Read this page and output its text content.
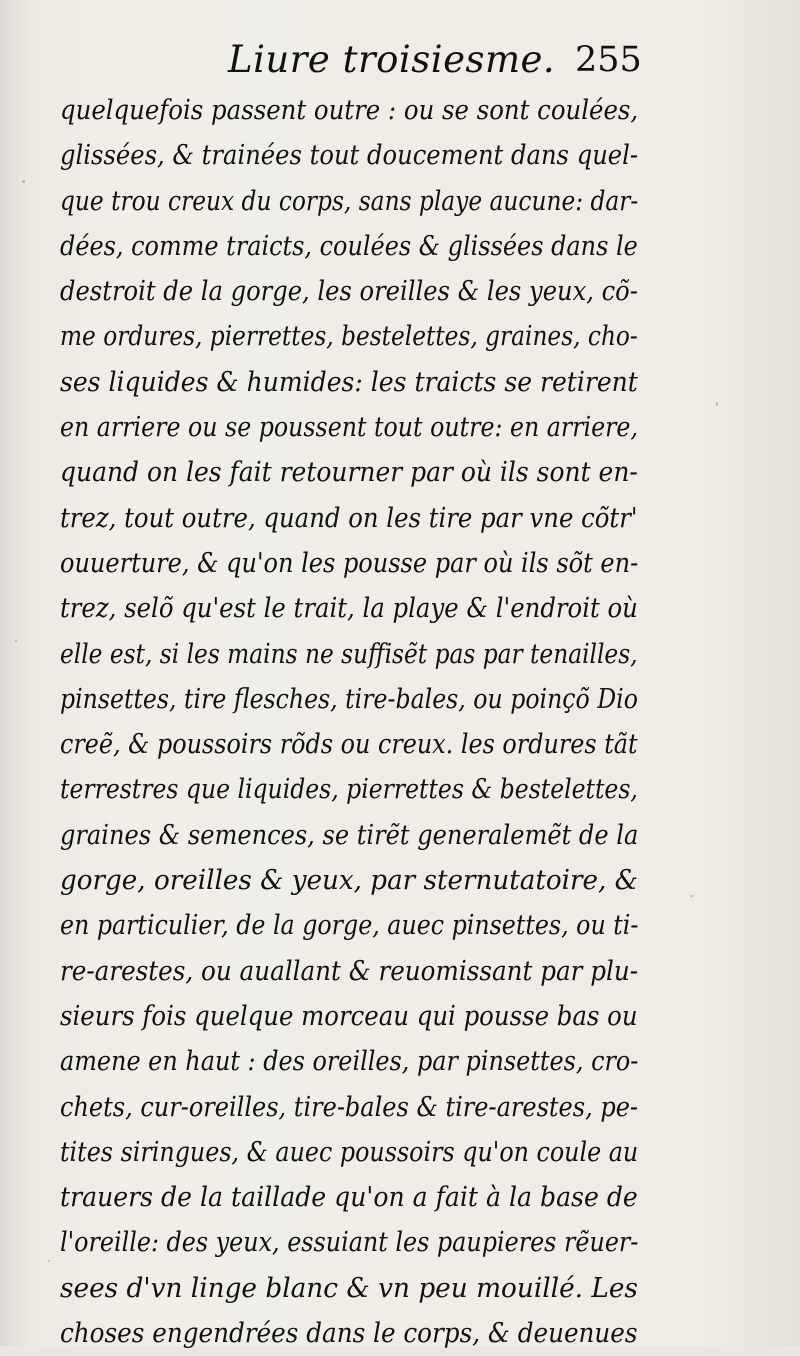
Liure troisiesme. 255
quelquefois passent outre : ou se sont coulées,
glissées, & trainées tout doucement dans quel-
que trou creux du corps, sans playe aucune: dar-
dées, comme traicts, coulées & glissées dans le
destroit de la gorge, les oreilles & les yeux, cõ-
me ordures, pierrettes, bestelettes, graines, cho-
ses liquides & humides: les traicts se retirent
en arriere ou se poussent tout outre: en arriere,
quand on les fait retourner par où ils sont en-
trez, tout outre, quand on les tire par vne cõtr'
ouuerture, & qu'on les pousse par où ils sõt en-
trez, selõ qu'est le trait, la playe & l'endroit où
elle est, si les mains ne suffisẽt pas par tenailles,
pinsettes, tire flesches, tire-bales, ou poinçõ Dio
creẽ, & poussoirs rõds ou creux. les ordures tãt
terrestres que liquides, pierrettes & bestelettes,
graines & semences, se tirẽt generalemẽt de la
gorge, oreilles & yeux, par sternutatoire, &
en particulier, de la gorge, auec pinsettes, ou ti-
re-arestes, ou auallant & reuomissant par plu-
sieurs fois quelque morceau qui pousse bas ou
amene en haut : des oreilles, par pinsettes, cro-
chets, cur-oreilles, tire-bales & tire-arestes, pe-
tites siringues, & auec poussoirs qu'on coule au
trauers de la taillade qu'on a fait à la base de
l'oreille: des yeux, essuiant les paupieres rẽuer-
sees d'vn linge blanc & vn peu mouillé. Les
choses engendrées dans le corps, & deuenues
